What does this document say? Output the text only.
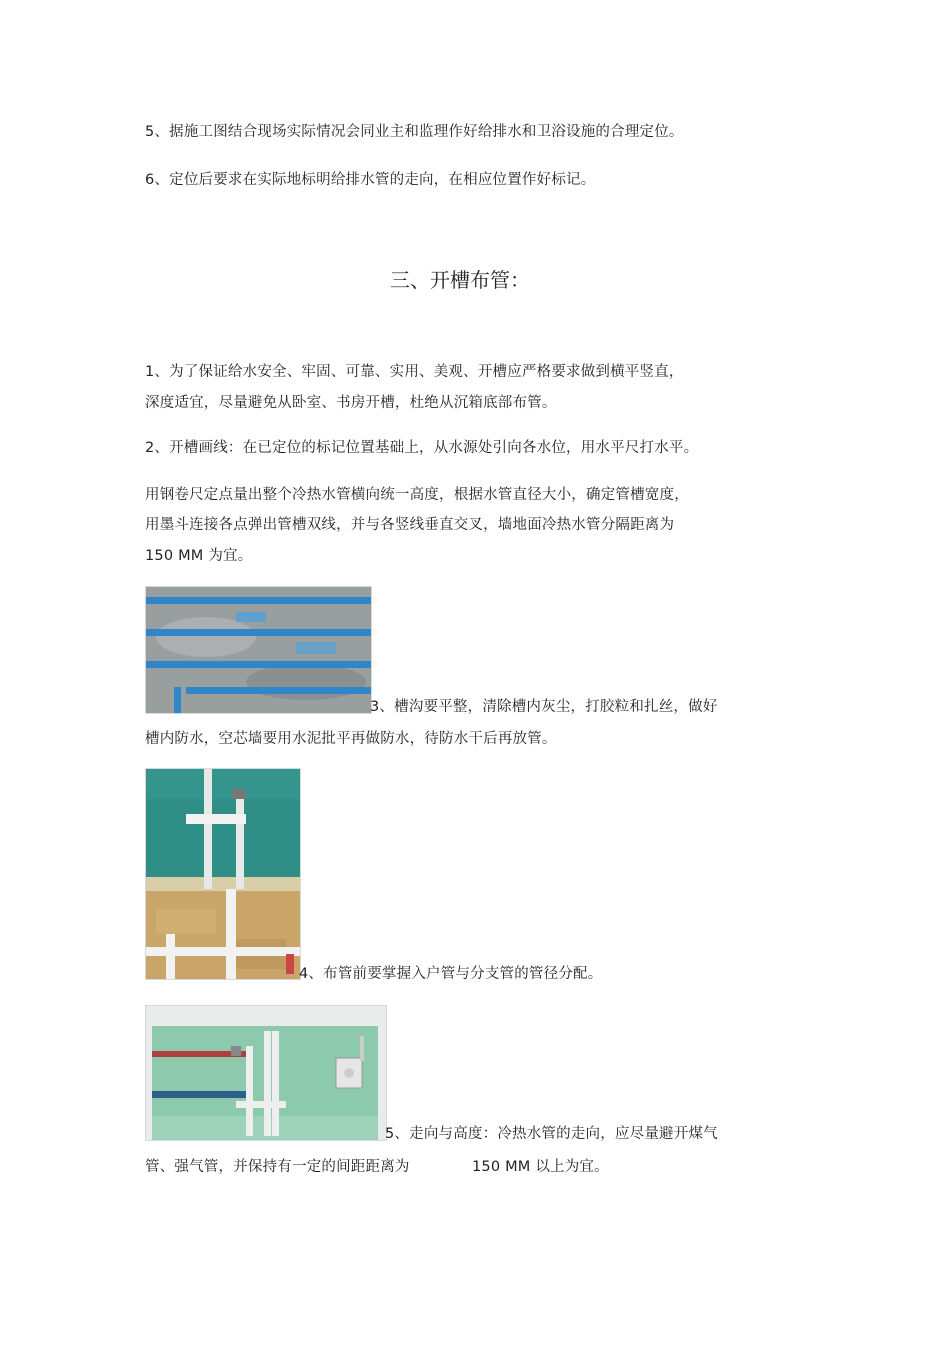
5、据施工图结合现场实际情况会同业主和监理作好给排水和卫浴设施的合理定位。
6、定位后要求在实际地标明给排水管的走向，在相应位置作好标记。
三、开槽布管：
1、为了保证给水安全、牢固、可靠、实用、美观、开槽应严格要求做到横平竖直，
深度适宜，尽量避免从卧室、书房开槽，杜绝从沉箱底部布管。
2、开槽画线：在已定位的标记位置基础上，从水源处引向各水位，用水平尺打水平。
用钢卷尺定点量出整个冷热水管横向统一高度，根据水管直径大小，确定管槽宽度，
用墨斗连接各点弹出管槽双线，并与各竖线垂直交叉，墙地面冷热水管分隔距离为
150 MM 为宜。
3、槽沟要平整，清除槽内灰尘，打胶粒和扎丝，做好
槽内防水，空芯墙要用水泥批平再做防水，待防水干后再放管。
4、布管前要掌握入户管与分支管的管径分配。
5、走向与高度：冷热水管的走向，应尽量避开煤气
管、强气管，并保持有一定的间距距离为	150 MM 以上为宜。
